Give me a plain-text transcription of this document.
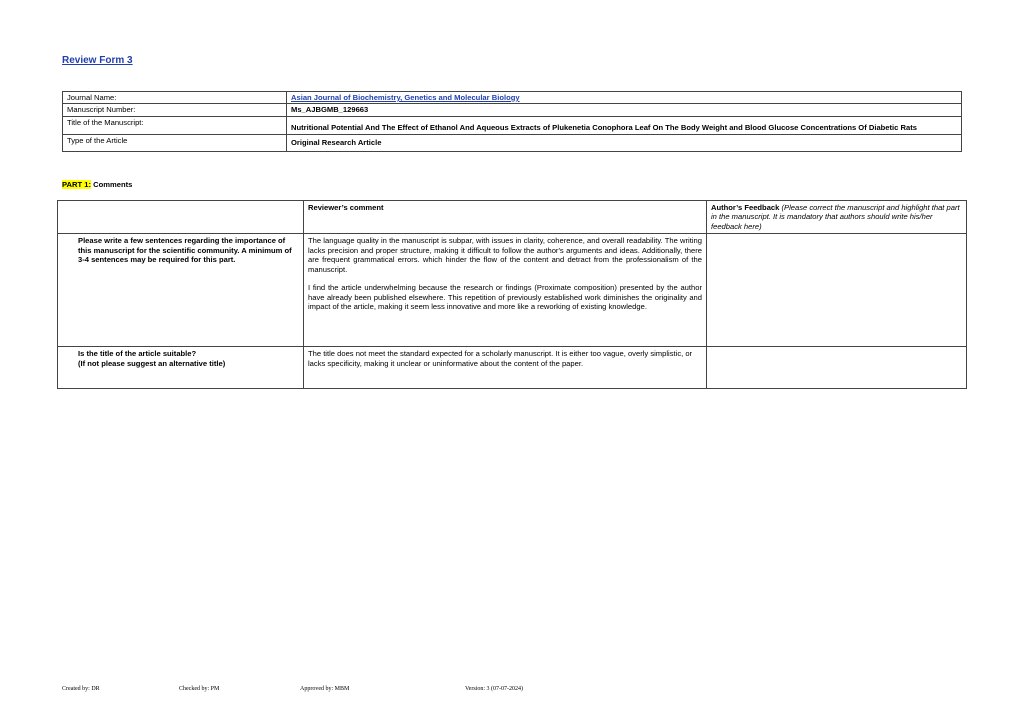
Review Form 3
Journal Name:	Asian Journal of Biochemistry, Genetics and Molecular Biology
Manuscript Number:	Ms_AJBGMB_129663
Title of the Manuscript:	Nutritional Potential And The Effect of Ethanol And Aqueous Extracts of Plukenetia Conophora Leaf On The Body Weight and Blood Glucose Concentrations Of Diabetic Rats
Type of the Article	Original Research Article
PART 1: Comments
	Reviewer’s comment	Author’s Feedback (Please correct the manuscript and highlight that part in the manuscript. It is mandatory that authors should write his/her feedback here)
Please write a few sentences regarding the importance of this manuscript for the scientific community. A minimum of 3-4 sentences may be required for this part.	The language quality in the manuscript is subpar, with issues in clarity, coherence, and overall readability. The writing lacks precision and proper structure, making it difficult to follow the author's arguments and ideas. Additionally, there are frequent grammatical errors. which hinder the flow of the content and detract from the professionalism of the manuscript.

I find the article underwhelming because the research or findings (Proximate composition) presented by the author have already been published elsewhere. This repetition of previously established work diminishes the originality and impact of the article, making it seem less innovative and more like a reworking of existing knowledge.	

Is the title of the article suitable?
(If not please suggest an alternative title)	The title does not meet the standard expected for a scholarly manuscript. It is either too vague, overly simplistic, or lacks specificity, making it unclear or uninformative about the content of the paper.	

Created by: DR	Checked by: PM	Approved by: MBM	Version: 3 (07-07-2024)
